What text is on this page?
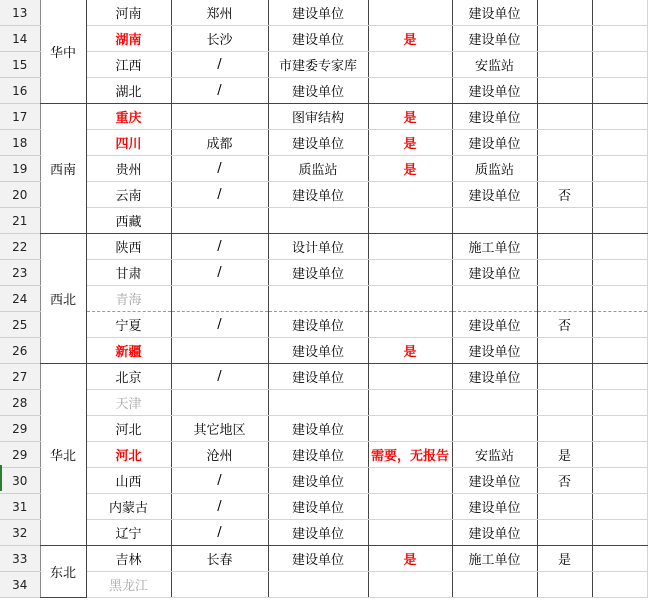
13	华中	河南	郑州	建设单位		建设单位		
14		湖南	长沙	建设单位	是	建设单位		
15		江西	/	市建委专家库		安监站		
16		湖北	/	建设单位		建设单位		
17	西南	重庆		图审结构	是	建设单位		
18		四川	成都	建设单位	是	建设单位		
19		贵州	/	质监站	是	质监站		
20		云南	/	建设单位		建设单位	否	
21		西藏						
22	西北	陕西	/	设计单位		施工单位		
23		甘肃	/	建设单位		建设单位		
24		青海						
25		宁夏	/	建设单位		建设单位	否	
26		新疆		建设单位	是	建设单位		
27	华北	北京	/	建设单位		建设单位		
28		天津						
29		河北	其它地区	建设单位				
29		河北	沧州	建设单位	需要，无报告	安监站	是	
30		山西	/	建设单位		建设单位	否	
31		内蒙古	/	建设单位		建设单位		
32		辽宁	/	建设单位		建设单位		
33	东北	吉林	长春	建设单位	是	施工单位	是	
34		黑龙江						
